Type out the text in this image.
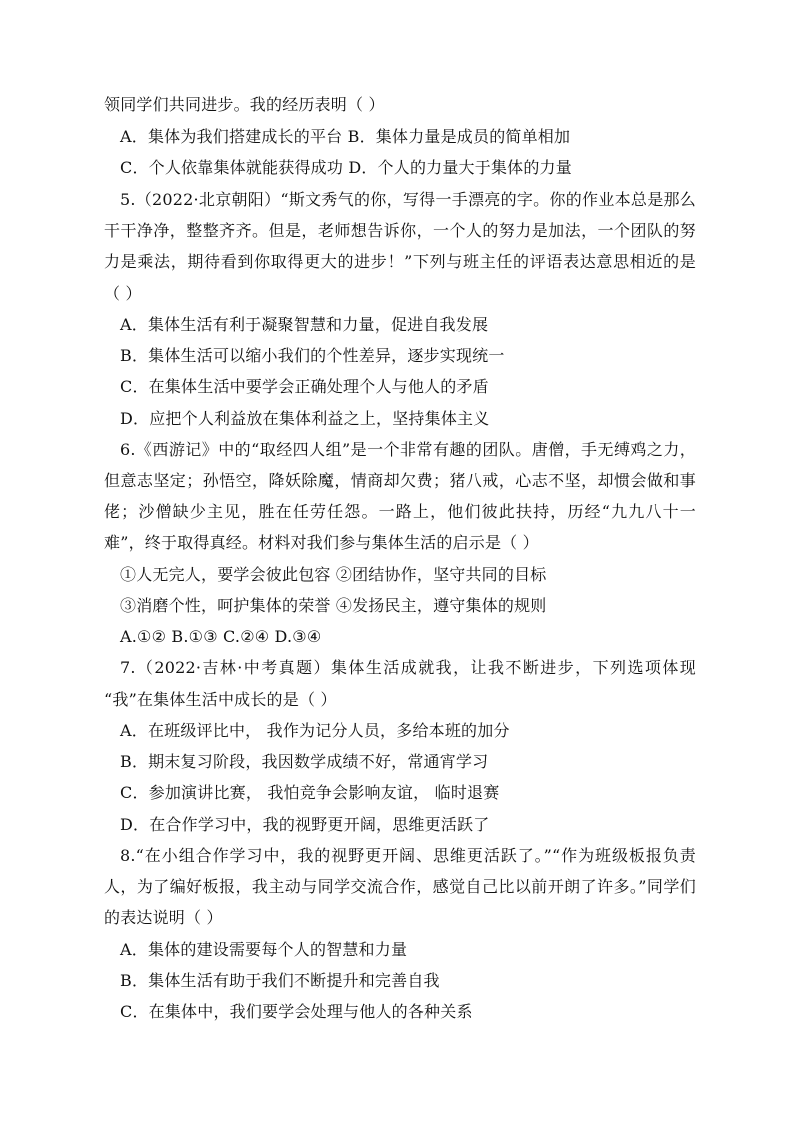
领同学们共同进步。我的经历表明（ ）
A．集体为我们搭建成长的平台 B．集体力量是成员的简单相加
C．个人依靠集体就能获得成功 D．个人的力量大于集体的力量
5.（2022·北京朝阳）“斯文秀气的你，写得一手漂亮的字。你的作业本总是那么
干干净净，整整齐齐。但是，老师想告诉你，一个人的努力是加法，一个团队的努
力是乘法，期待看到你取得更大的进步！”下列与班主任的评语表达意思相近的是
（ ）
A．集体生活有利于凝聚智慧和力量，促进自我发展
B．集体生活可以缩小我们的个性差异，逐步实现统一
C．在集体生活中要学会正确处理个人与他人的矛盾
D．应把个人利益放在集体利益之上，坚持集体主义
6.《西游记》中的“取经四人组”是一个非常有趣的团队。唐僧，手无缚鸡之力，
但意志坚定；孙悟空，降妖除魔，情商却欠费；猪八戒，心志不坚，却惯会做和事
佬；沙僧缺少主见，胜在任劳任怨。一路上，他们彼此扶持，历经“九九八十一
难”，终于取得真经。材料对我们参与集体生活的启示是（ ）
①人无完人，要学会彼此包容 ②团结协作，坚守共同的目标
③消磨个性，呵护集体的荣誉 ④发扬民主，遵守集体的规则
A.①② B.①③ C.②④ D.③④
7.（2022·吉林·中考真题）集体生活成就我，让我不断进步，下列选项体现
“我”在集体生活中成长的是（ ）
A．在班级评比中， 我作为记分人员，多给本班的加分
B．期末复习阶段，我因数学成绩不好，常通宵学习
C．参加演讲比赛， 我怕竞争会影响友谊， 临时退赛
D．在合作学习中，我的视野更开阔，思维更活跃了
8.“在小组合作学习中，我的视野更开阔、思维更活跃了。”“作为班级板报负责
人，为了编好板报，我主动与同学交流合作，感觉自己比以前开朗了许多。”同学们
的表达说明（ ）
A．集体的建设需要每个人的智慧和力量
B．集体生活有助于我们不断提升和完善自我
C．在集体中，我们要学会处理与他人的各种关系
